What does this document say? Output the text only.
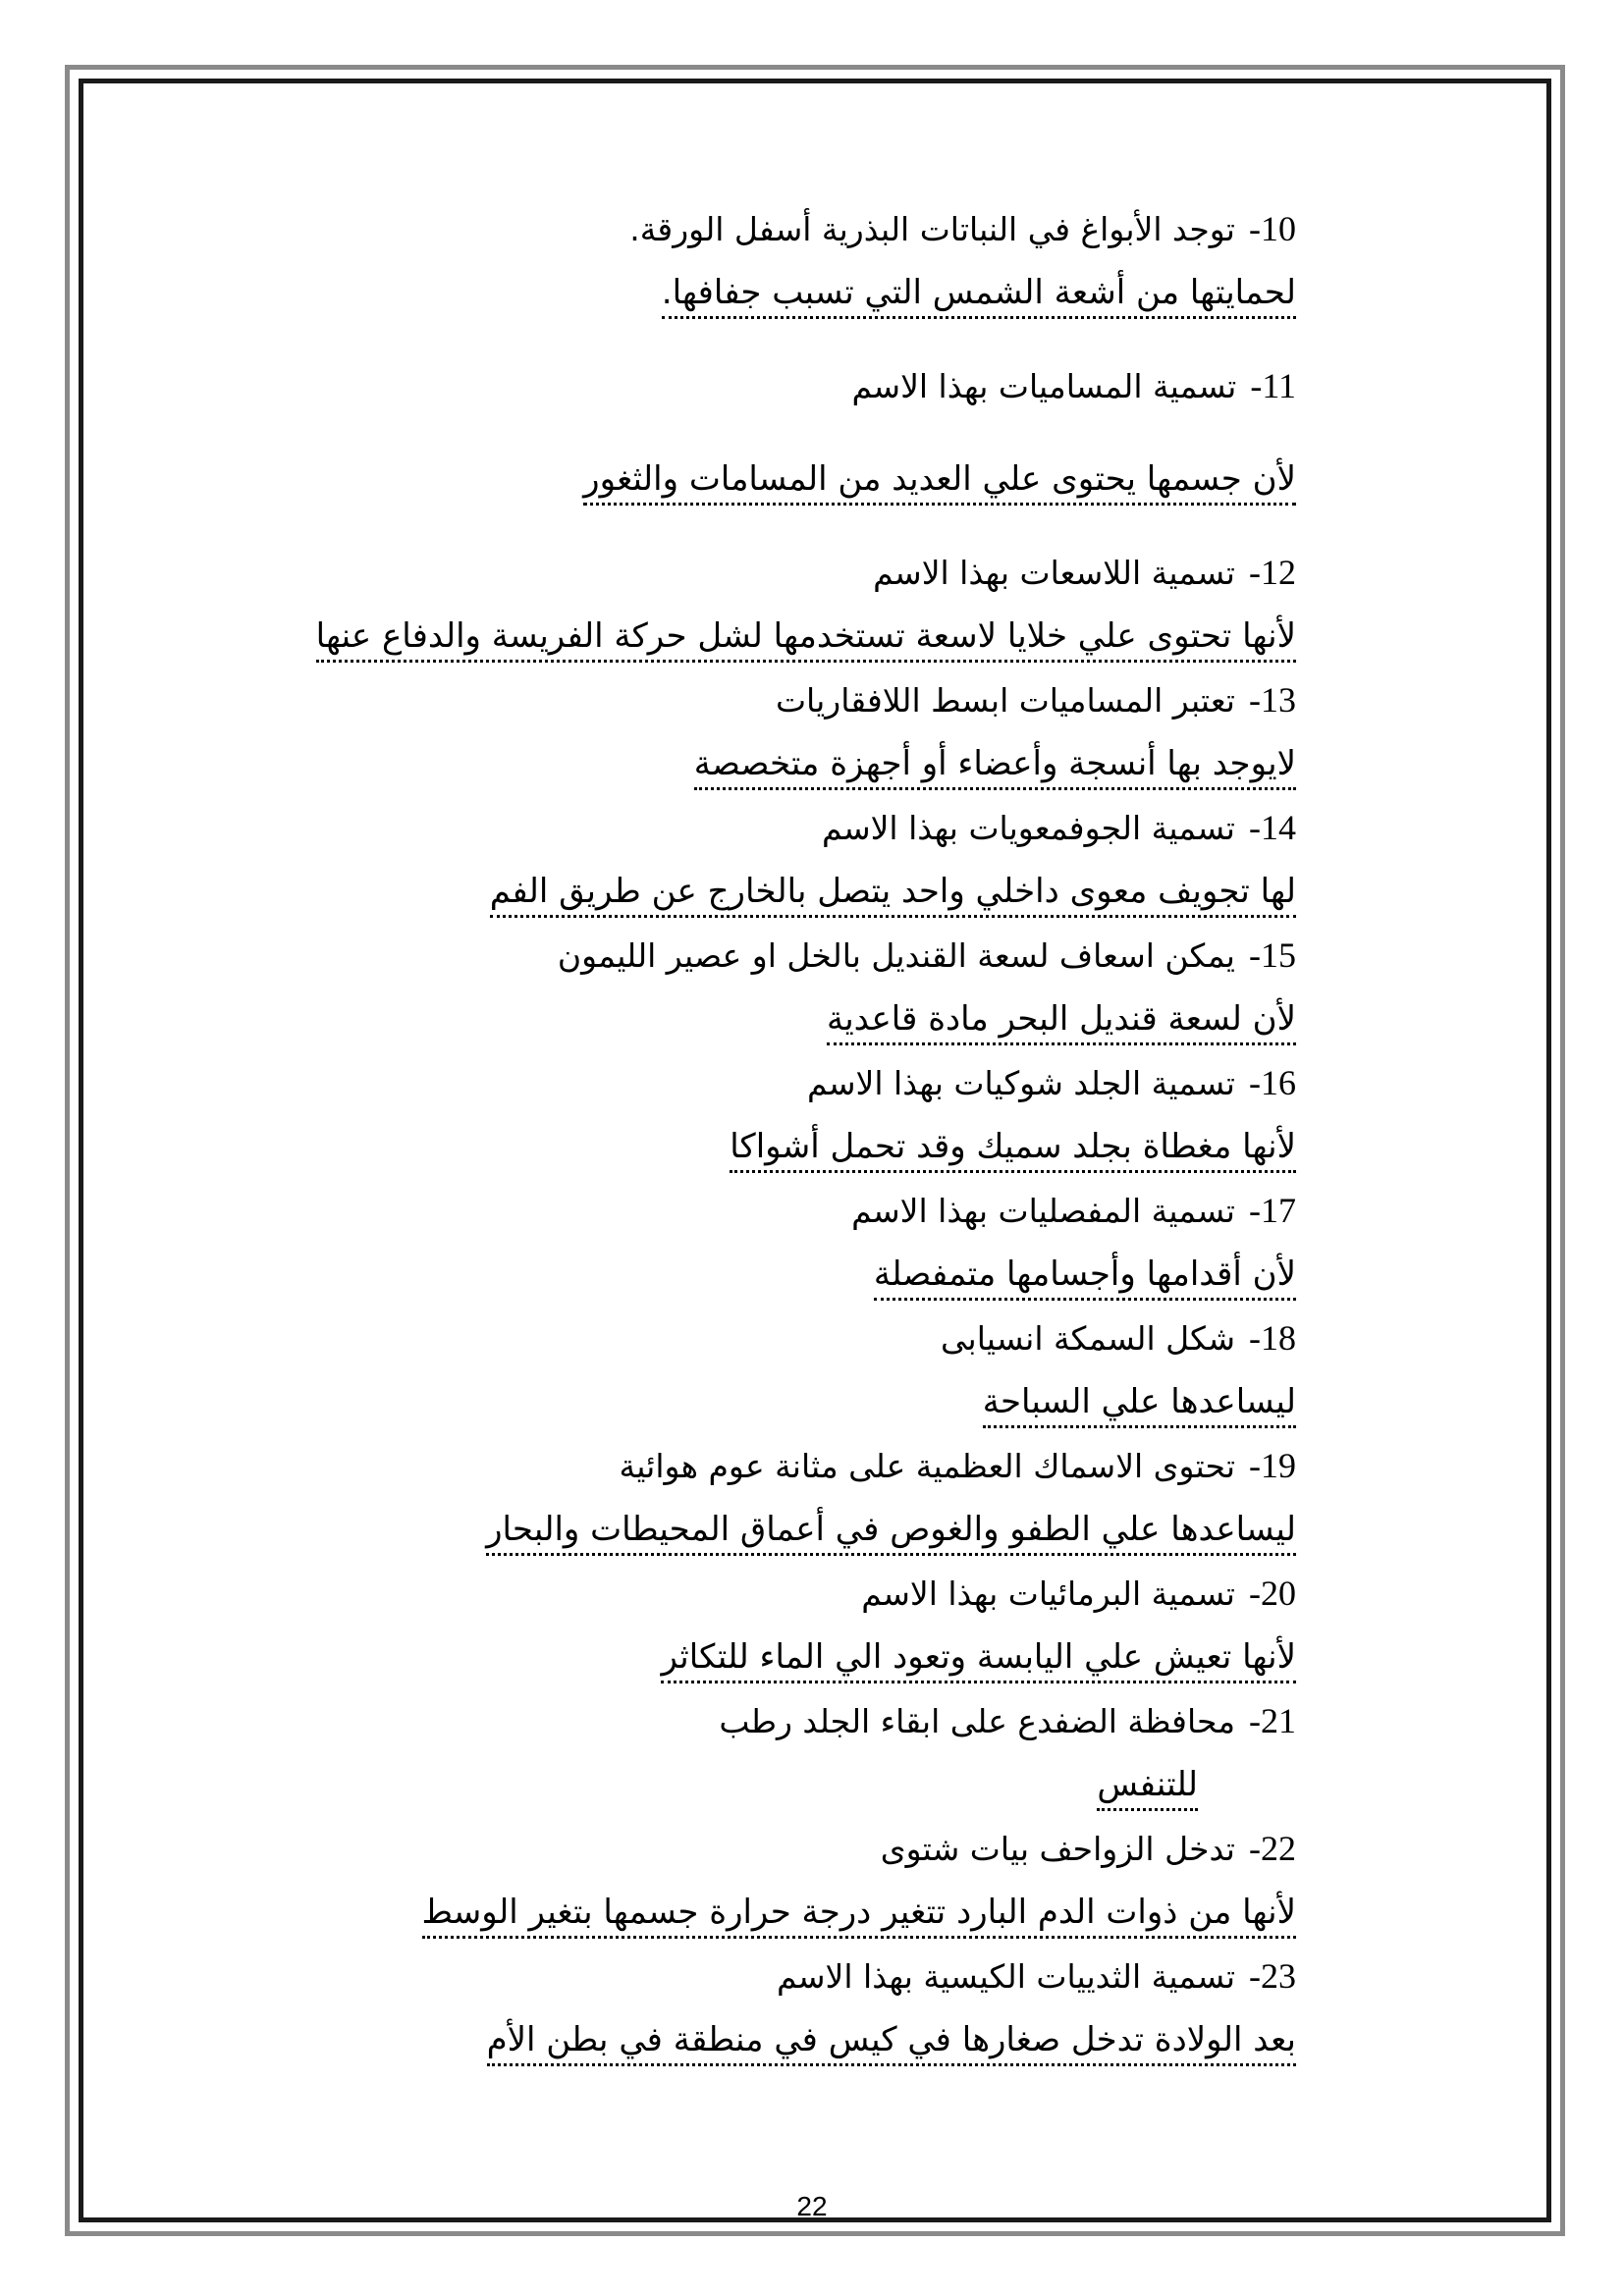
10-توجد الأبواغ في النباتات البذرية أسفل الورقة.
لحمايتها من أشعة الشمس التي تسبب جفافها.
11-تسمية المساميات بهذا الاسم
لأن جسمها يحتوى علي العديد من المسامات والثغور
12-تسمية اللاسعات بهذا الاسم
لأنها تحتوى علي خلايا لاسعة تستخدمها لشل حركة الفريسة والدفاع عنها
13-تعتبر المساميات ابسط اللافقاريات
لايوجد بها أنسجة وأعضاء أو أجهزة متخصصة
14-تسمية الجوفمعويات بهذا الاسم
لها تجويف معوى داخلي واحد يتصل بالخارج عن طريق الفم
15-يمكن اسعاف لسعة القنديل بالخل او عصير الليمون
لأن لسعة قنديل البحر مادة قاعدية
16-تسمية الجلد شوكيات بهذا الاسم
لأنها مغطاة بجلد سميك وقد تحمل أشواكا
17-تسمية المفصليات بهذا الاسم
لأن أقدامها وأجسامها متمفصلة
18-شكل السمكة انسيابى
ليساعدها علي السباحة
19-تحتوى الاسماك العظمية على مثانة عوم هوائية
ليساعدها علي الطفو والغوص في أعماق المحيطات والبحار
20-تسمية البرمائيات بهذا الاسم
لأنها تعيش علي اليابسة وتعود الي الماء للتكاثر
21-محافظة الضفدع على ابقاء الجلد رطب
للتنفس
22-تدخل الزواحف بيات شتوى
لأنها من ذوات الدم البارد تتغير درجة حرارة جسمها بتغير الوسط
23-تسمية الثدييات الكيسية بهذا الاسم
بعد الولادة تدخل صغارها في كيس في منطقة في بطن الأم
22
